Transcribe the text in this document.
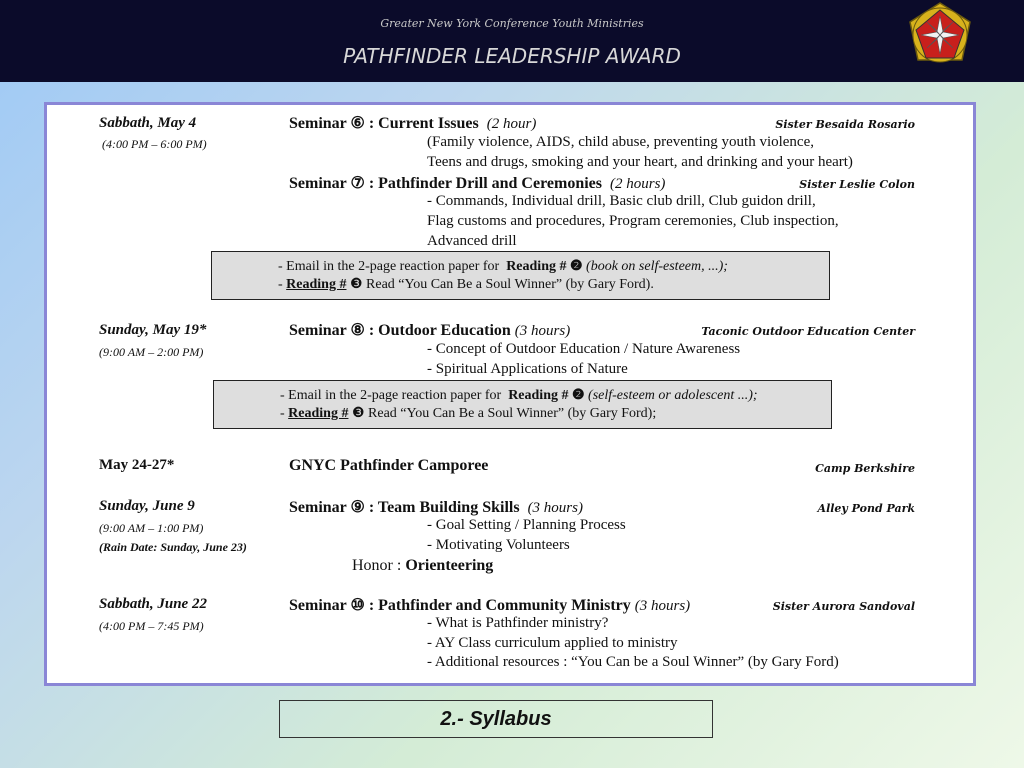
Greater New York Conference Youth Ministries
PATHFINDER LEADERSHIP AWARD
Sabbath, May 4
(4:00 PM – 6:00 PM)
Seminar ⑥ : Current Issues (2 hour)	Sister Besaida Rosario
(Family violence, AIDS, child abuse, preventing youth violence,
Teens and drugs, smoking and your heart, and drinking and your heart)
Seminar ⑦ : Pathfinder Drill and Ceremonies (2 hours)	Sister Leslie Colon
- Commands, Individual drill, Basic club drill, Club guidon drill,
Flag customs and procedures, Program ceremonies, Club inspection,
Advanced drill
- Email in the 2-page reaction paper for Reading # ❷ (book on self-esteem, ...);
- Reading # ❸ Read “You Can Be a Soul Winner” (by Gary Ford).
Sunday, May 19*
(9:00 AM – 2:00 PM)
Seminar ⑧ : Outdoor Education (3 hours)	Taconic Outdoor Education Center
- Concept of Outdoor Education / Nature Awareness
- Spiritual Applications of Nature
- Email in the 2-page reaction paper for Reading # ❷ (self-esteem or adolescent ...);
- Reading # ❸ Read “You Can Be a Soul Winner” (by Gary Ford);
May 24-27*	GNYC Pathfinder Camporee	Camp Berkshire
Sunday, June 9
(9:00 AM – 1:00 PM)
(Rain Date: Sunday, June 23)
Seminar ⑨ : Team Building Skills (3 hours)	Alley Pond Park
- Goal Setting / Planning Process
- Motivating Volunteers
Honor : Orienteering
Sabbath, June 22
(4:00 PM – 7:45 PM)
Seminar ⑩ : Pathfinder and Community Ministry (3 hours)	Sister Aurora Sandoval
- What is Pathfinder ministry?
- AY Class curriculum applied to ministry
- Additional resources : “You Can be a Soul Winner” (by Gary Ford)
2.- Syllabus
